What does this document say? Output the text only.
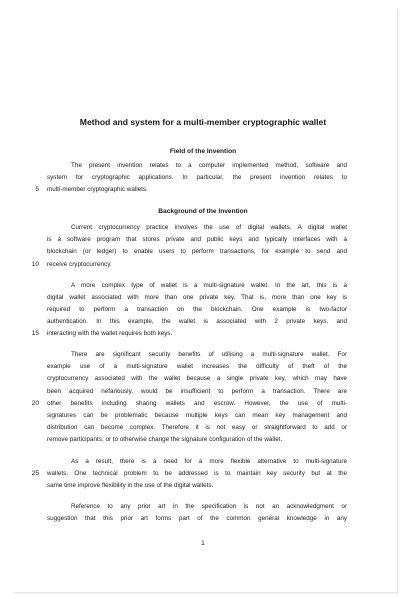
Method and system for a multi-member cryptographic wallet
Field of the Invention
The present invention relates to a computer implemented method, software and
system for cryptographic applications. In particular, the present invention relates to
multi-member cryptographic wallets.
Background of the Invention
Current cryptocurrency practice involves the use of digital wallets. A digital wallet
is a software program that stores private and public keys and typically interfaces with a
blockchain (or ledger) to enable users to perform transactions, for example to send and
receive cryptocurrency.
A more complex type of wallet is a multi-signature wallet. In the art, this is a
digital wallet associated with more than one private key. That is, more than one key is
required to perform a transaction on the blockchain. One example is two-factor
authentication. In this example, the wallet is associated with 2 private keys, and
interacting with the wallet requires both keys.
There are significant security benefits of utilising a multi-signature wallet. For
example use of a multi-signature wallet increases the difficulty of theft of the
cryptocurrency associated with the wallet because a single private key, which may have
been acquired nefariously, would be insufficient to perform a transaction. There are
other benefits including sharing wallets and escrow. However, the use of multi-
signatures can be problematic because multiple keys can mean key management and
distribution can become complex. Therefore it is not easy or straightforward to add or
remove participants, or to otherwise change the signature configuration of the wallet.
As a result, there is a need for a more flexible alternative to multi-signature
wallets. One technical problem to be addressed is to maintain key security but at the
same time improve flexibility in the use of the digital wallets.
Reference to any prior art in the specification is not an acknowledgment or
suggestion that this prior art forms part of the common general knowledge in any
5
10
15
20
25
1
